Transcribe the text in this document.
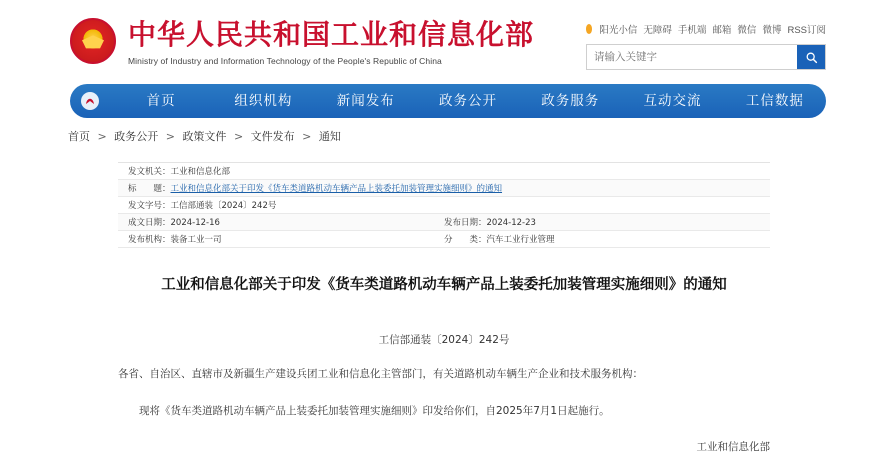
中华人民共和国工业和信息化部
Ministry of Industry and Information Technology of the People's Republic of China
阳光小信 无障碍 手机端 邮箱 微信 微博 RSS订阅
请输入关键字
首页	组织机构	新闻发布	政务公开	政务服务	互动交流	工信数据
首页 > 政务公开 > 政策文件 > 文件发布 > 通知
发文机关： 工业和信息化部
标　　题： 工业和信息化部关于印发《货车类道路机动车辆产品上装委托加装管理实施细则》的通知
发文字号： 工信部通装〔2024〕242号
成文日期： 2024-12-16	发布日期： 2024-12-23
发布机构： 装备工业一司	分　　类： 汽车工业行业管理
工业和信息化部关于印发《货车类道路机动车辆产品上装委托加装管理实施细则》的通知
工信部通装〔2024〕242号
各省、自治区、直辖市及新疆生产建设兵团工业和信息化主管部门，有关道路机动车辆生产企业和技术服务机构：
现将《货车类道路机动车辆产品上装委托加装管理实施细则》印发给你们，自2025年7月1日起施行。
工业和信息化部
